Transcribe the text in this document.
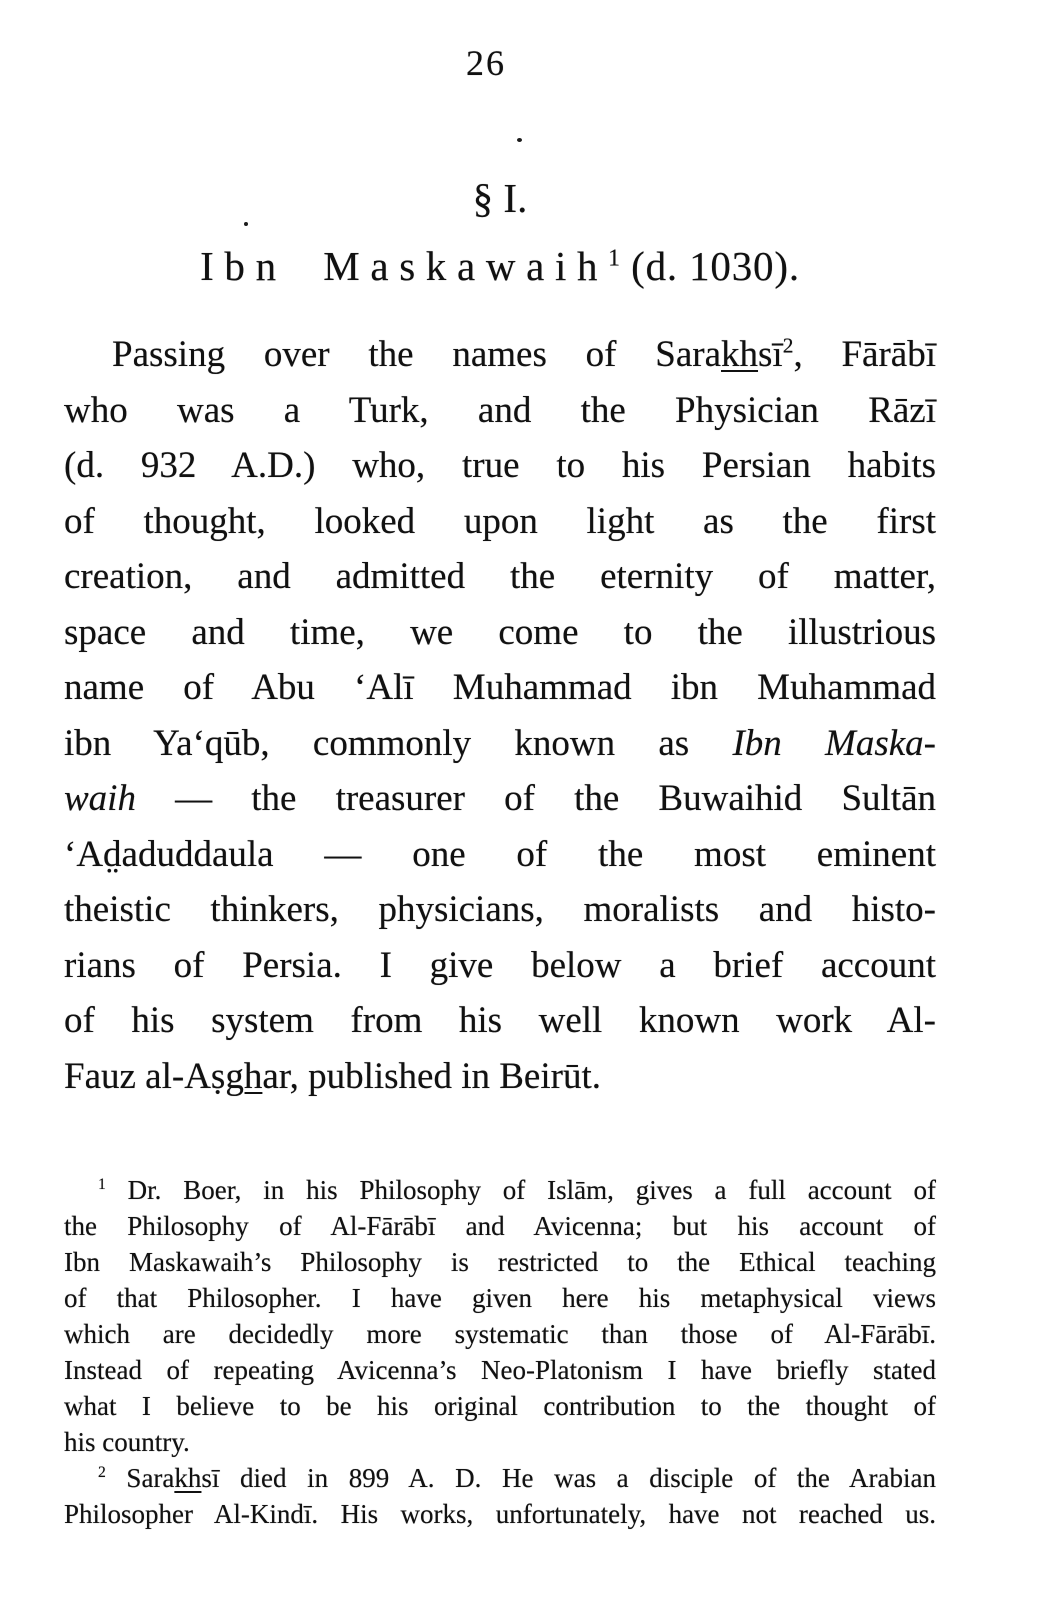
26
§ I.
Ibn Maskawaih$^1$ (d. 1030).
Passing over the names of Sarakhsī$^2$, Fārābī
who was a Turk, and the Physician Rāzī
(d. 932 A.D.) who, true to his Persian habits
of thought, looked upon light as the first
creation, and admitted the eternity of matter,
space and time, we come to the illustrious
name of Abu ‘Alī Muhammad ibn Muhammad
ibn Ya‘qūb, commonly known as Ibn Maska-
waih — the treasurer of the Buwaihid Sultān
‘Ad̤aduddaula — one of the most eminent
theistic thinkers, physicians, moralists and histo-
rians of Persia. I give below a brief account
of his system from his well known work Al-
Fauz al-Aṣghar, published in Beirūt.
$^1$ Dr. Boer, in his Philosophy of Islām, gives a full account of
the Philosophy of Al-Fārābī and Avicenna; but his account of
Ibn Maskawaih’s Philosophy is restricted to the Ethical teaching
of that Philosopher. I have given here his metaphysical views
which are decidedly more systematic than those of Al-Fārābī.
Instead of repeating Avicenna’s Neo-Platonism I have briefly stated
what I believe to be his original contribution to the thought of
his country.
$^2$ Sarakhsī died in 899 A. D. He was a disciple of the Arabian
Philosopher Al-Kindī. His works, unfortunately, have not reached us.
